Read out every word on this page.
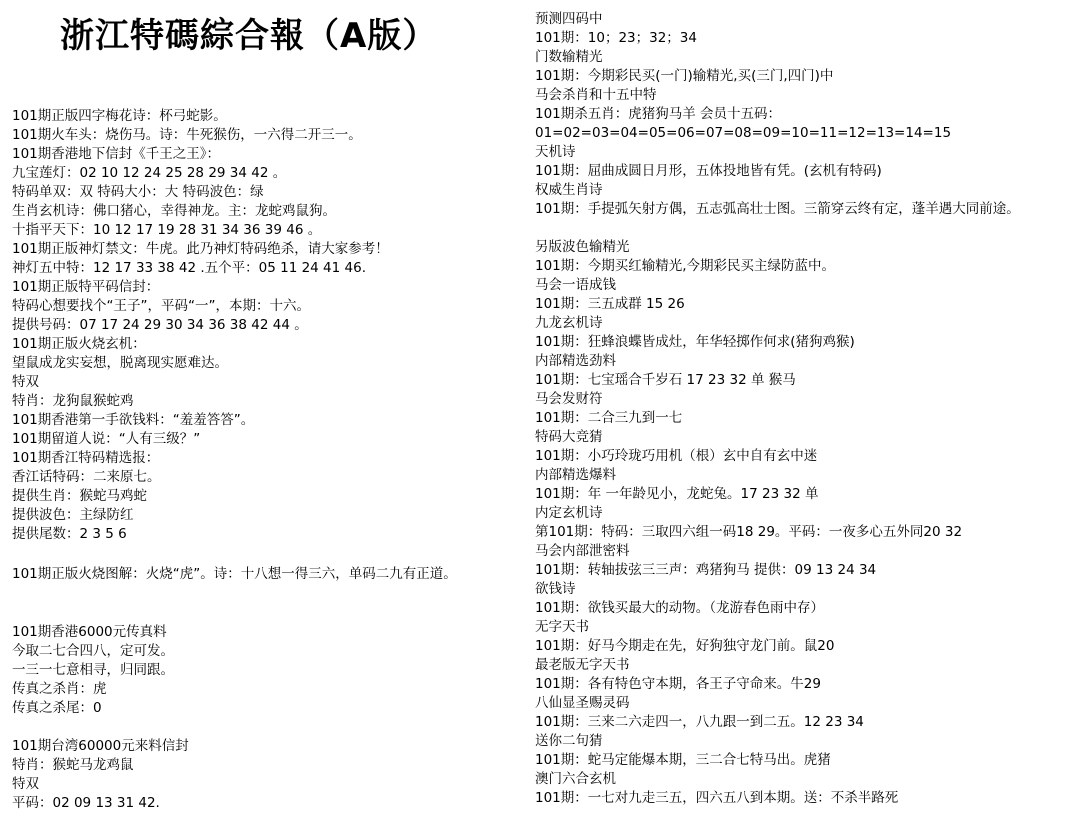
浙江特碼綜合報（A版）
101期正版四字梅花诗：杯弓蛇影。
101期火车头：烧伤马。诗：牛死猴伤，一六得二开三一。
101期香港地下信封《千王之王》：
九宝莲灯：02 10 12 24 25 28 29 34 42 。
特码单双：双 特码大小：大 特码波色：绿
生肖玄机诗：佛口猪心，幸得神龙。主：龙蛇鸡鼠狗。
十指平天下：10 12 17 19 28 31 34 36 39 46 。
101期正版神灯禁文：牛虎。此乃神灯特码绝杀，请大家参考！
神灯五中特：12 17 33 38 42 .五个平：05 11 24 41 46.
101期正版特平码信封：
特码心想要找个“王子”，平码“一”，本期：十六。
提供号码：07 17 24 29 30 34 36 38 42 44 。
101期正版火烧玄机：
望鼠成龙实妄想，脱离现实愿难达。
特双
特肖：龙狗鼠猴蛇鸡
101期香港第一手欲钱料：“羞羞答答”。
101期留道人说：“人有三级？”
101期香江特码精选报：
香江话特码：二来原七。
提供生肖：猴蛇马鸡蛇
提供波色：主绿防红
提供尾数：2 3 5 6
101期正版火烧图解：火烧“虎”。诗：十八想一得三六，单码二九有正道。
101期香港6000元传真料
今取二七合四八，定可发。
一三一七意相寻，归同跟。
传真之杀肖：虎
传真之杀尾：0
101期台湾60000元来料信封
特肖：猴蛇马龙鸡鼠
特双
平码：02 09 13 31 42.
预测四码中
101期：10；23；32；34
门数输精光
101期：今期彩民买(一门)输精光,买(三门,四门)中
马会杀肖和十五中特
101期杀五肖：虎猪狗马羊 会员十五码：
01=02=03=04=05=06=07=08=09=10=11=12=13=14=15
天机诗
101期：屈曲成圆日月形，五体投地皆有凭。(玄机有特码)
权威生肖诗
101期：手提弧矢射方偶，五志弧高壮士图。三箭穿云终有定，蓬羊遇大同前途。
另版波色输精光
101期：今期买红输精光,今期彩民买主绿防蓝中。
马会一语成钱
101期：三五成群 15 26
九龙玄机诗
101期：狂蜂浪蝶皆成灶，年华轻掷作何求(猪狗鸡猴)
内部精选劲料
101期：七宝瑶合千岁石 17 23 32 单 猴马
马会发财符
101期：二合三九到一七
特码大竞猜
101期：小巧玲珑巧用机（根）玄中自有玄中迷
内部精选爆料
101期：年 一年龄见小，龙蛇兔。17 23 32 单
内定玄机诗
第101期：特码：三取四六组一码18 29。平码：一夜多心五外同20 32
马会内部泄密料
101期：转轴拔弦三三声：鸡猪狗马 提供：09 13 24 34
欲钱诗
101期：欲钱买最大的动物。（龙游春色雨中存）
无字天书
101期：好马今期走在先，好狗独守龙门前。鼠20
最老版无字天书
101期：各有特色守本期，各王子守命来。牛29
八仙显圣赐灵码
101期：三来二六走四一，八九跟一到二五。12 23 34
送你二句猜
101期：蛇马定能爆本期，三二合七特马出。虎猪
澳门六合玄机
101期：一七对九走三五，四六五八到本期。送：不杀半路死
